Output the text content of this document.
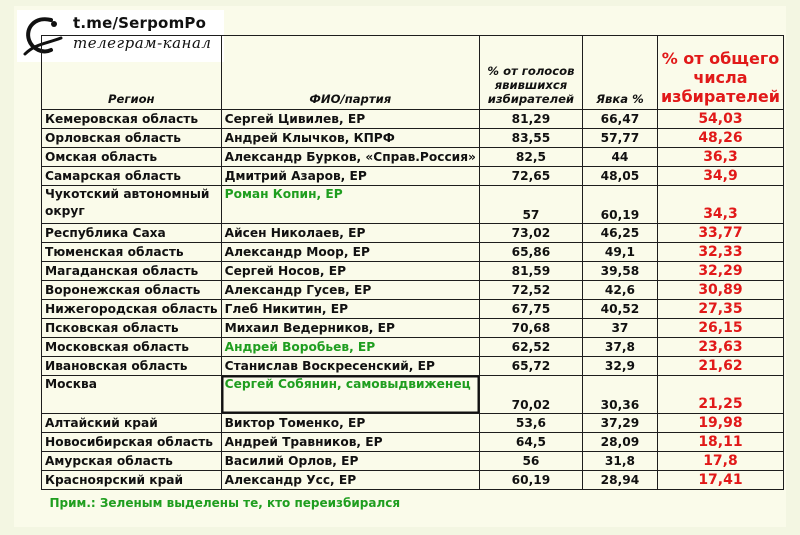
t.me/SerpomPo
телеграм-канал
Регион	ФИО/партия	% от голосов явившихся избирателей	Явка %	% от общего числа избирателей
Кемеровская область	Сергей Цивилев, ЕР	81,29	66,47	54,03
Орловская область	Андрей Клычков, КПРФ	83,55	57,77	48,26
Омская область	Александр Бурков, «Справ.Россия»	82,5	44	36,3
Самарская область	Дмитрий Азаров, ЕР	72,65	48,05	34,9
Чукотский автономный округ	Роман Копин, ЕР	57	60,19	34,3
Республика Саха	Айсен Николаев, ЕР	73,02	46,25	33,77
Тюменская область	Александр Моор, ЕР	65,86	49,1	32,33
Магаданская область	Сергей Носов, ЕР	81,59	39,58	32,29
Воронежская область	Александр Гусев, ЕР	72,52	42,6	30,89
Нижегородская область	Глеб Никитин, ЕР	67,75	40,52	27,35
Псковская область	Михаил Ведерников, ЕР	70,68	37	26,15
Московская область	Андрей Воробьев, ЕР	62,52	37,8	23,63
Ивановская область	Станислав Воскресенский, ЕР	65,72	32,9	21,62
Москва	Сергей Собянин, самовыдвиженец	70,02	30,36	21,25
Алтайский край	Виктор Томенко, ЕР	53,6	37,29	19,98
Новосибирская область	Андрей Травников, ЕР	64,5	28,09	18,11
Амурская область	Василий Орлов, ЕР	56	31,8	17,8
Красноярский край	Александр Усс, ЕР	60,19	28,94	17,41
Прим.: Зеленым выделены те, кто переизбирался				
